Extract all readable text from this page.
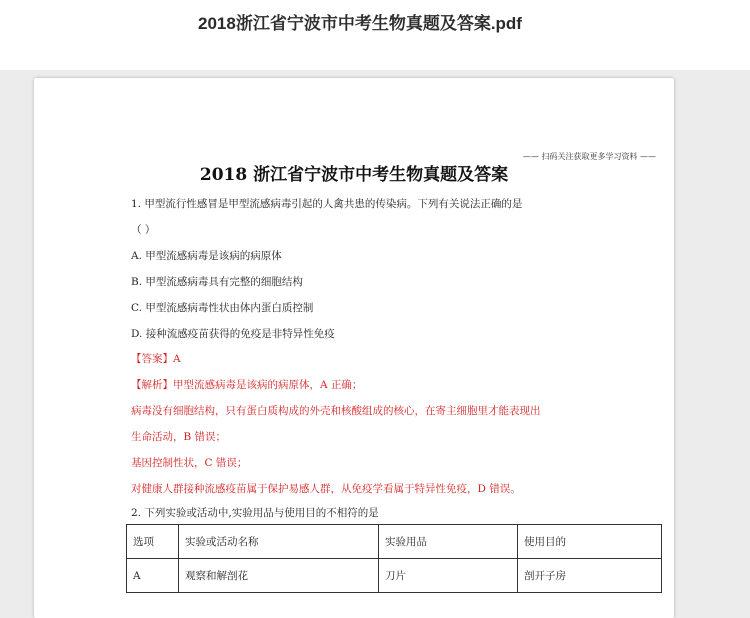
2018浙江省宁波市中考生物真题及答案.pdf
—— 扫码关注获取更多学习资料 ——
2018 浙江省宁波市中考生物真题及答案
1. 甲型流行性感冒是甲型流感病毒引起的人禽共患的传染病。下列有关说法正确的是
（ ）
A. 甲型流感病毒是该病的病原体
B. 甲型流感病毒具有完整的细胞结构
C. 甲型流感病毒性状由体内蛋白质控制
D. 接种流感疫苗获得的免疫是非特异性免疫
【答案】A
【解析】甲型流感病毒是该病的病原体，A 正确；
病毒没有细胞结构，只有蛋白质构成的外壳和核酸组成的核心，在寄主细胞里才能表现出
生命活动，B 错误；
基因控制性状，C 错误；
对健康人群接种流感疫苗属于保护易感人群，从免疫学看属于特异性免疫，D 错误。
2. 下列实验或活动中,实验用品与使用目的不相符的是
选项	实验或活动名称	实验用品	使用目的
A	观察和解剖花	刀片	剖开子房
